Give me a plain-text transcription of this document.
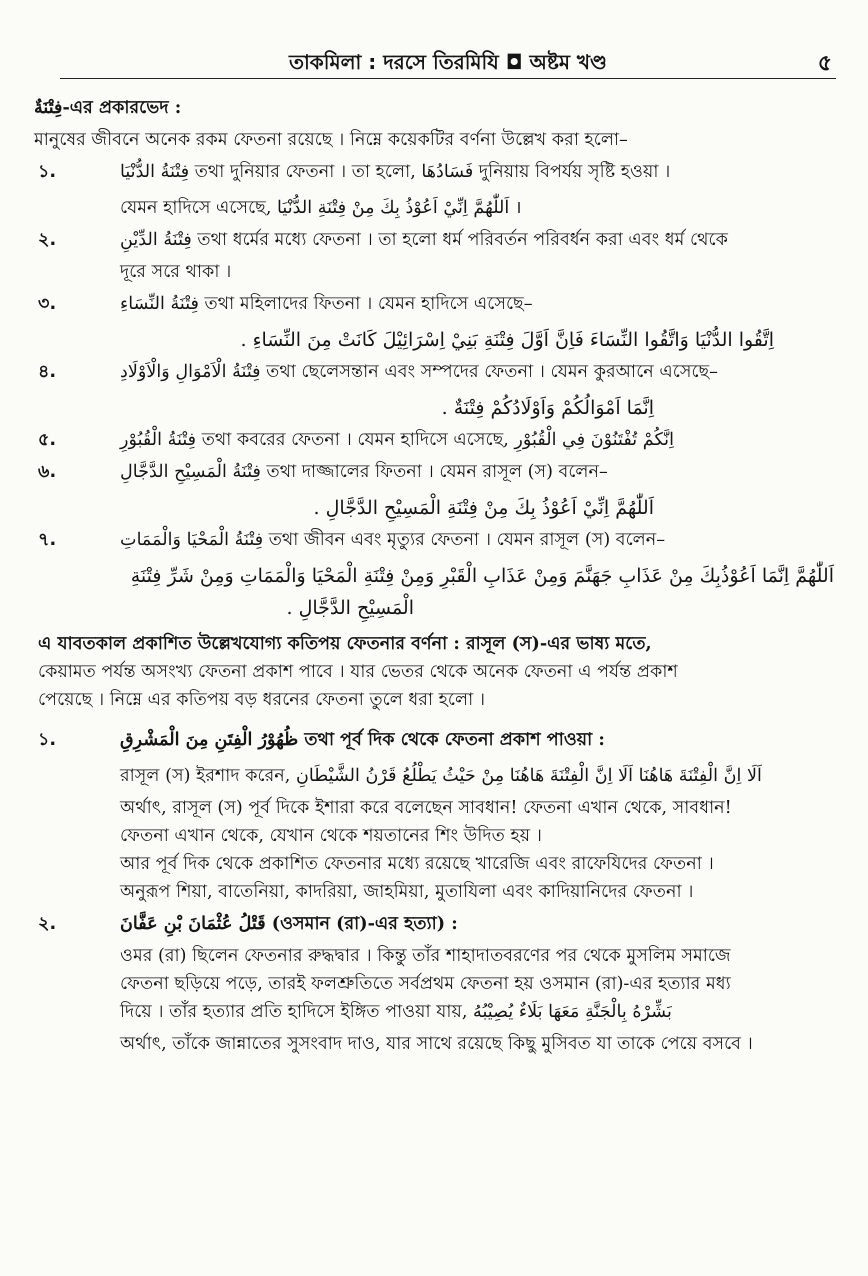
তাকমিলা : দরসে তিরমিযি ◘ অষ্টম খণ্ড	৫

فِتْنَةٌ-এর প্রকারভেদ :

মানুষের জীবনে অনেক রকম ফেতনা রয়েছে । নিম্নে কয়েকটির বর্ণনা উল্লেখ করা হলো–

১.	فِتْنَةُ الدُّنْيَا তথা দুনিয়ার ফেতনা । তা হলো, فَسَادُهَا দুনিয়ায় বিপর্যয় সৃষ্টি হওয়া ।

যেমন হাদিসে এসেছে, اَللّٰهُمَّ اِنِّيْ اَعُوْذُ بِكَ مِنْ فِتْنَةِ الدُّنْيَا ।

২.	فِتْنَةُ الدِّيْنِ তথা ধর্মের মধ্যে ফেতনা । তা হলো ধর্ম পরিবর্তন পরিবর্ধন করা এবং ধর্ম থেকে

দূরে সরে থাকা ।

৩.	فِتْنَةُ النِّسَاءِ তথা মহিলাদের ফিতনা । যেমন হাদিসে এসেছে–

اِتَّقُوا الدُّنْيَا وَاتَّقُوا النِّسَاءَ فَاِنَّ اَوَّلَ فِتْنَةِ بَنِيْ اِسْرَائِيْلَ كَانَتْ مِنَ النِّسَاءِ .

৪.	فِتْنَةُ الْاَمْوَالِ وَالْاَوْلَادِ তথা ছেলেসন্তান এবং সম্পদের ফেতনা । যেমন কুরআনে এসেছে–

اِنَّمَا اَمْوَالُكُمْ وَاَوْلَادُكُمْ فِتْنَةٌ .

৫.	فِتْنَةُ الْقُبُوْرِ তথা কবরের ফেতনা । যেমন হাদিসে এসেছে, اِنَّكُمْ تُفْتَنُوْنَ فِي الْقُبُوْرِ

৬.	فِتْنَةُ الْمَسِيْحِ الدَّجَّالِ তথা দাজ্জালের ফিতনা । যেমন রাসূল (স) বলেন–

اَللّٰهُمَّ اِنِّيْ اَعُوْذُ بِكَ مِنْ فِتْنَةِ الْمَسِيْحِ الدَّجَّالِ .

৭.	فِتْنَةُ الْمَحْيَا وَالْمَمَاتِ তথা জীবন এবং মৃত্যুর ফেতনা । যেমন রাসূল (স) বলেন–

اَللّٰهُمَّ اِنَّمَا اَعُوْذُبِكَ مِنْ عَذَابِ جَهَنَّمَ وَمِنْ عَذَابِ الْقَبْرِ وَمِنْ فِتْنَةِ الْمَحْيَا وَالْمَمَاتِ وَمِنْ شَرِّ فِتْنَةِ

الْمَسِيْحِ الدَّجَّالِ .

এ যাবতকাল প্রকাশিত উল্লেখযোগ্য কতিপয় ফেতনার বর্ণনা : রাসূল (স)-এর ভাষ্য মতে,

কেয়ামত পর্যন্ত অসংখ্য ফেতনা প্রকাশ পাবে । যার ভেতর থেকে অনেক ফেতনা এ পর্যন্ত প্রকাশ

পেয়েছে । নিম্নে এর কতিপয় বড় ধরনের ফেতনা তুলে ধরা হলো ।

১.	ظُهُوْرُ الْفِتَنِ مِنَ الْمَشْرِقِ তথা পূর্ব দিক থেকে ফেতনা প্রকাশ পাওয়া :

রাসূল (স) ইরশাদ করেন, اَلَا اِنَّ الْفِتْنَةَ هَاهُنَا اَلَا اِنَّ الْفِتْنَةَ هَاهُنَا مِنْ حَيْثُ يَطْلُعُ قَرْنُ الشَّيْطَانِ

অর্থাৎ, রাসূল (স) পূর্ব দিকে ইশারা করে বলেছেন সাবধান! ফেতনা এখান থেকে, সাবধান!

ফেতনা এখান থেকে, যেখান থেকে শয়তানের শিং উদিত হয় ।

আর পূর্ব দিক থেকে প্রকাশিত ফেতনার মধ্যে রয়েছে খারেজি এবং রাফেযিদের ফেতনা ।

অনুরূপ শিয়া, বাতেনিয়া, কাদরিয়া, জাহমিয়া, মুতাযিলা এবং কাদিয়ানিদের ফেতনা ।

২.	قَتْلُ عُثْمَانَ بْنِ عَفَّانَ (ওসমান (রা)-এর হত্যা) :

ওমর (রা) ছিলেন ফেতনার রুদ্ধদ্বার । কিন্তু তাঁর শাহাদাতবরণের পর থেকে মুসলিম সমাজে

ফেতনা ছড়িয়ে পড়ে, তারই ফলশ্রুতিতে সর্বপ্রথম ফেতনা হয় ওসমান (রা)-এর হত্যার মধ্য

দিয়ে । তাঁর হত্যার প্রতি হাদিসে ইঙ্গিত পাওয়া যায়, بَشِّرْهُ بِالْجَنَّةِ مَعَهَا بَلَاءٌ يُصِيْبُهُ

অর্থাৎ, তাঁকে জান্নাতের সুসংবাদ দাও, যার সাথে রয়েছে কিছু মুসিবত যা তাকে পেয়ে বসবে ।
